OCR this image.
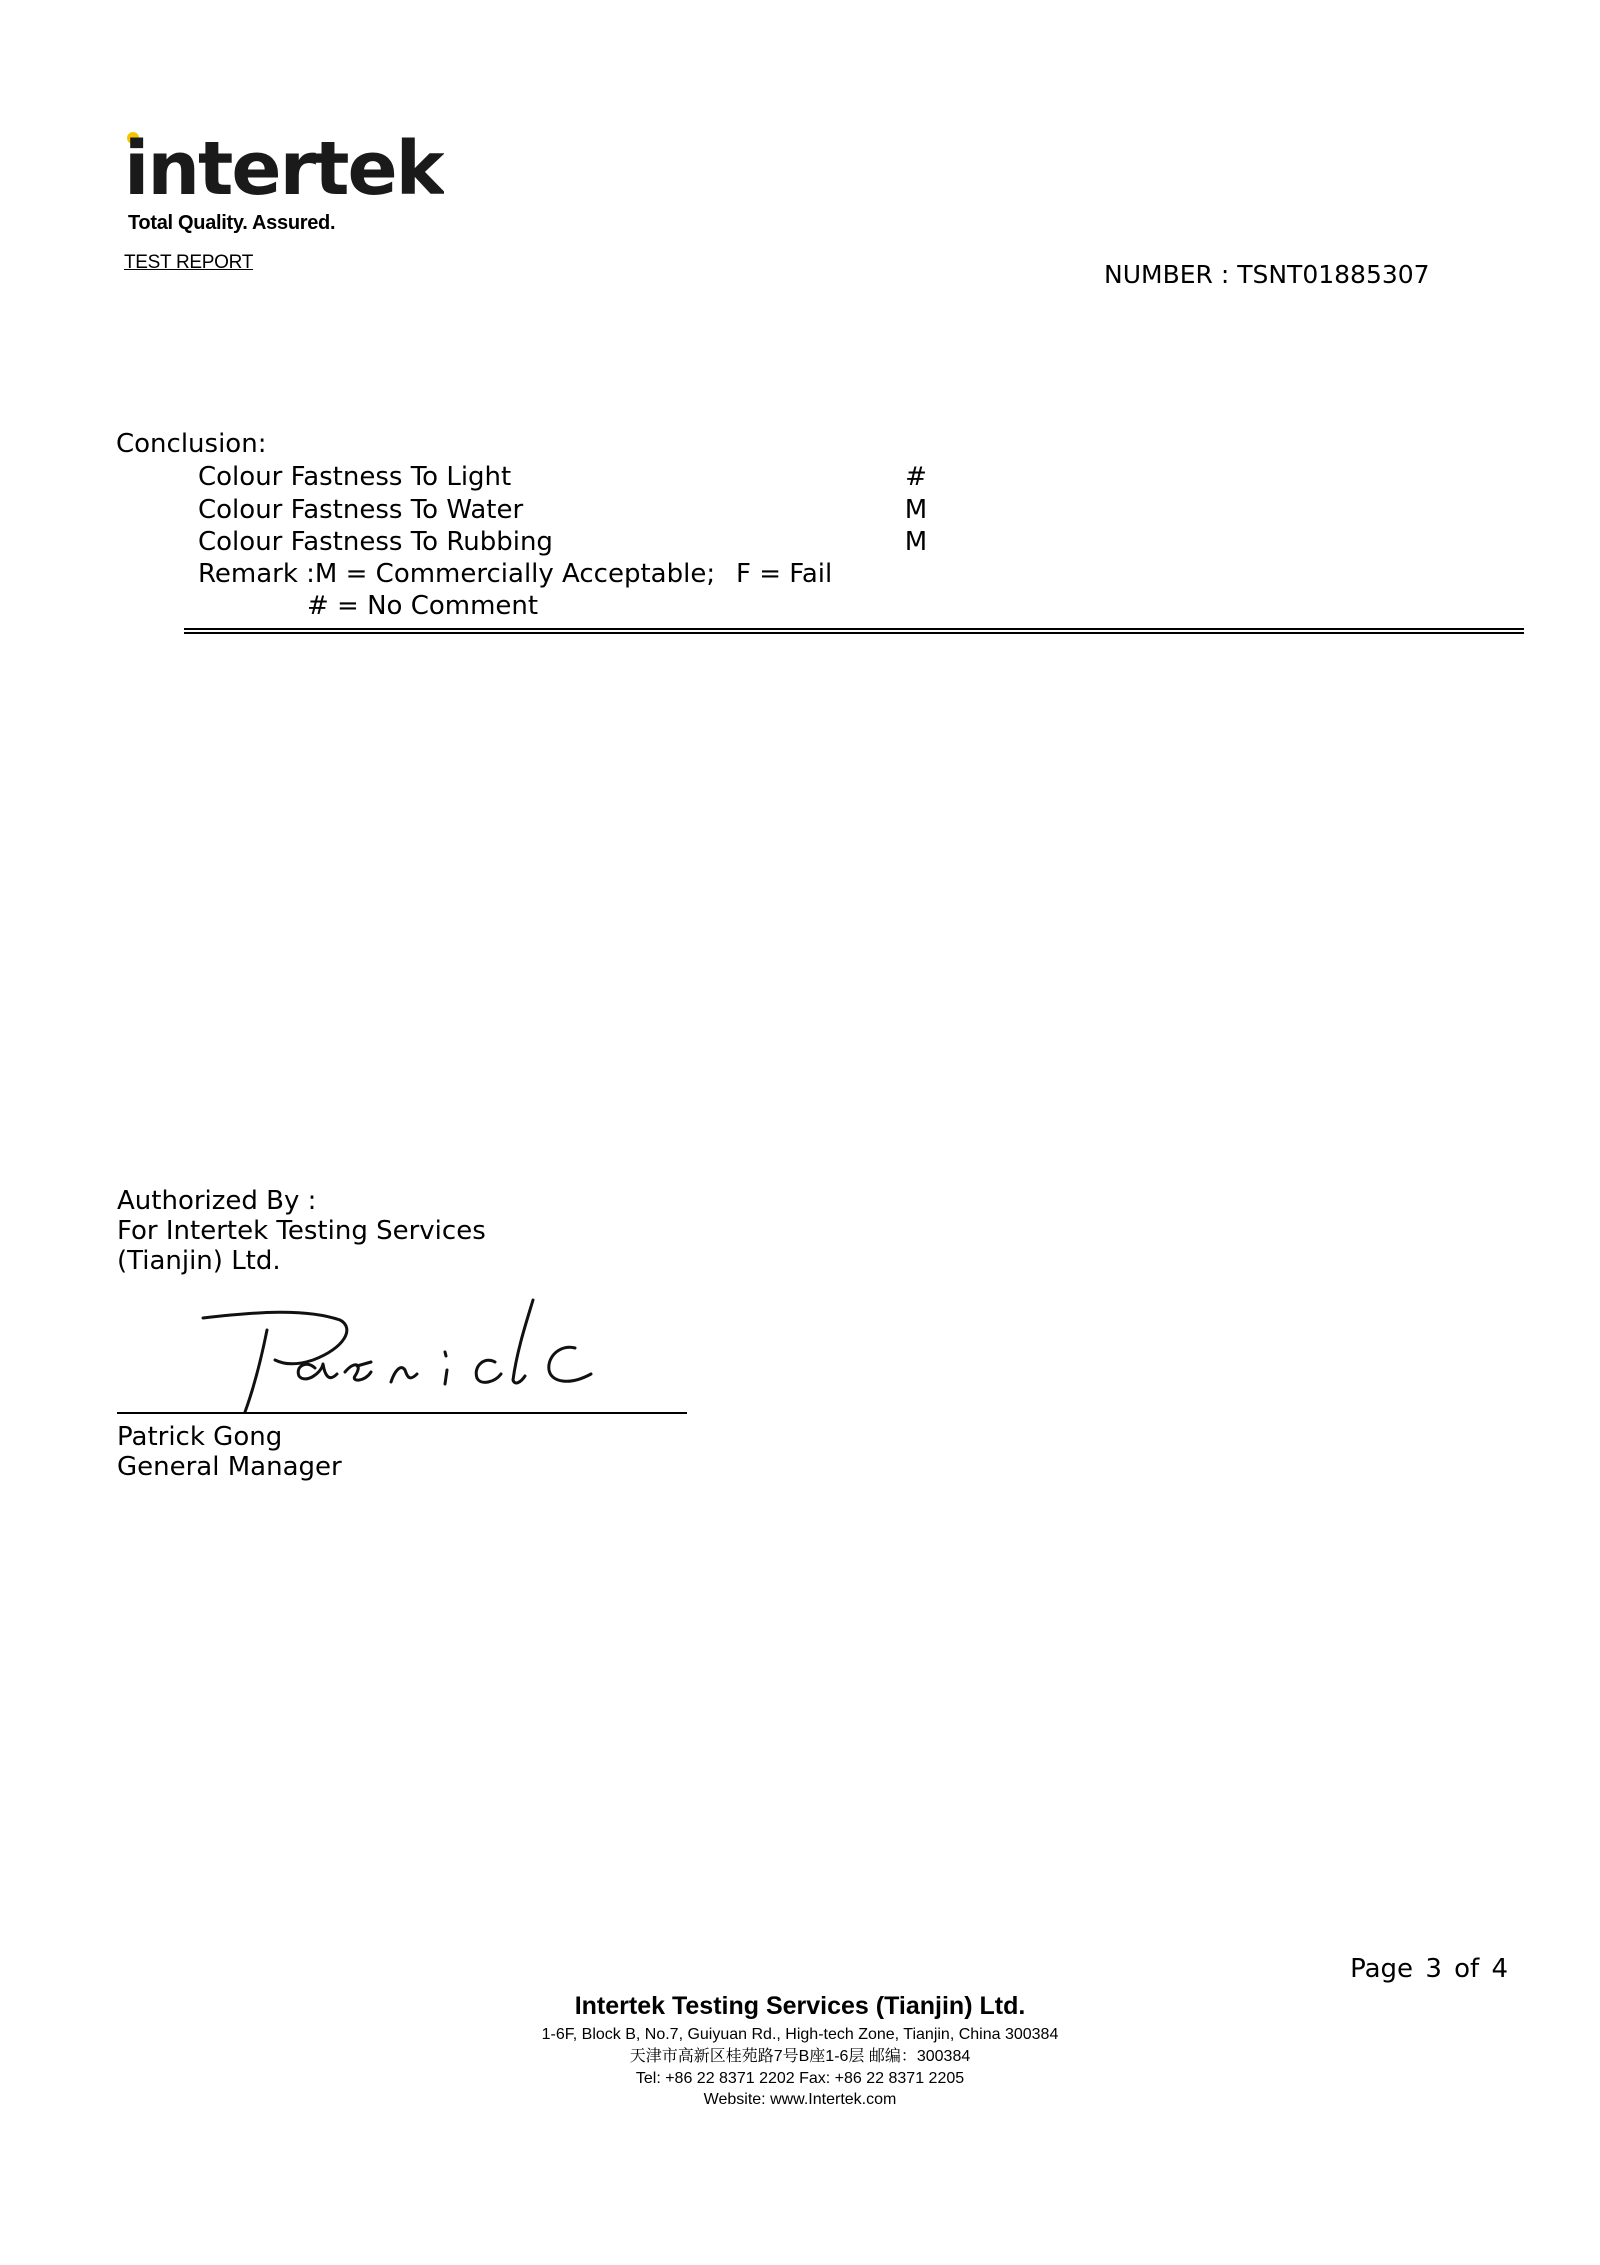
intertek
Total Quality. Assured.
TEST REPORT	NUMBER : TSNT01885307
Conclusion:
Colour Fastness To Light	#
Colour Fastness To Water	M
Colour Fastness To Rubbing	M
Remark :M = Commercially Acceptable; F = Fail
# = No Comment
Authorized By :
For Intertek Testing Services
(Tianjin) Ltd.
Patrick Gong
General Manager
Page 3 of 4
Intertek Testing Services (Tianjin) Ltd.
1-6F, Block B, No.7, Guiyuan Rd., High-tech Zone, Tianjin, China 300384
天津市高新区桂苑路7号B座1-6层 邮编：300384
Tel: +86 22 8371 2202 Fax: +86 22 8371 2205
Website: www.Intertek.com
